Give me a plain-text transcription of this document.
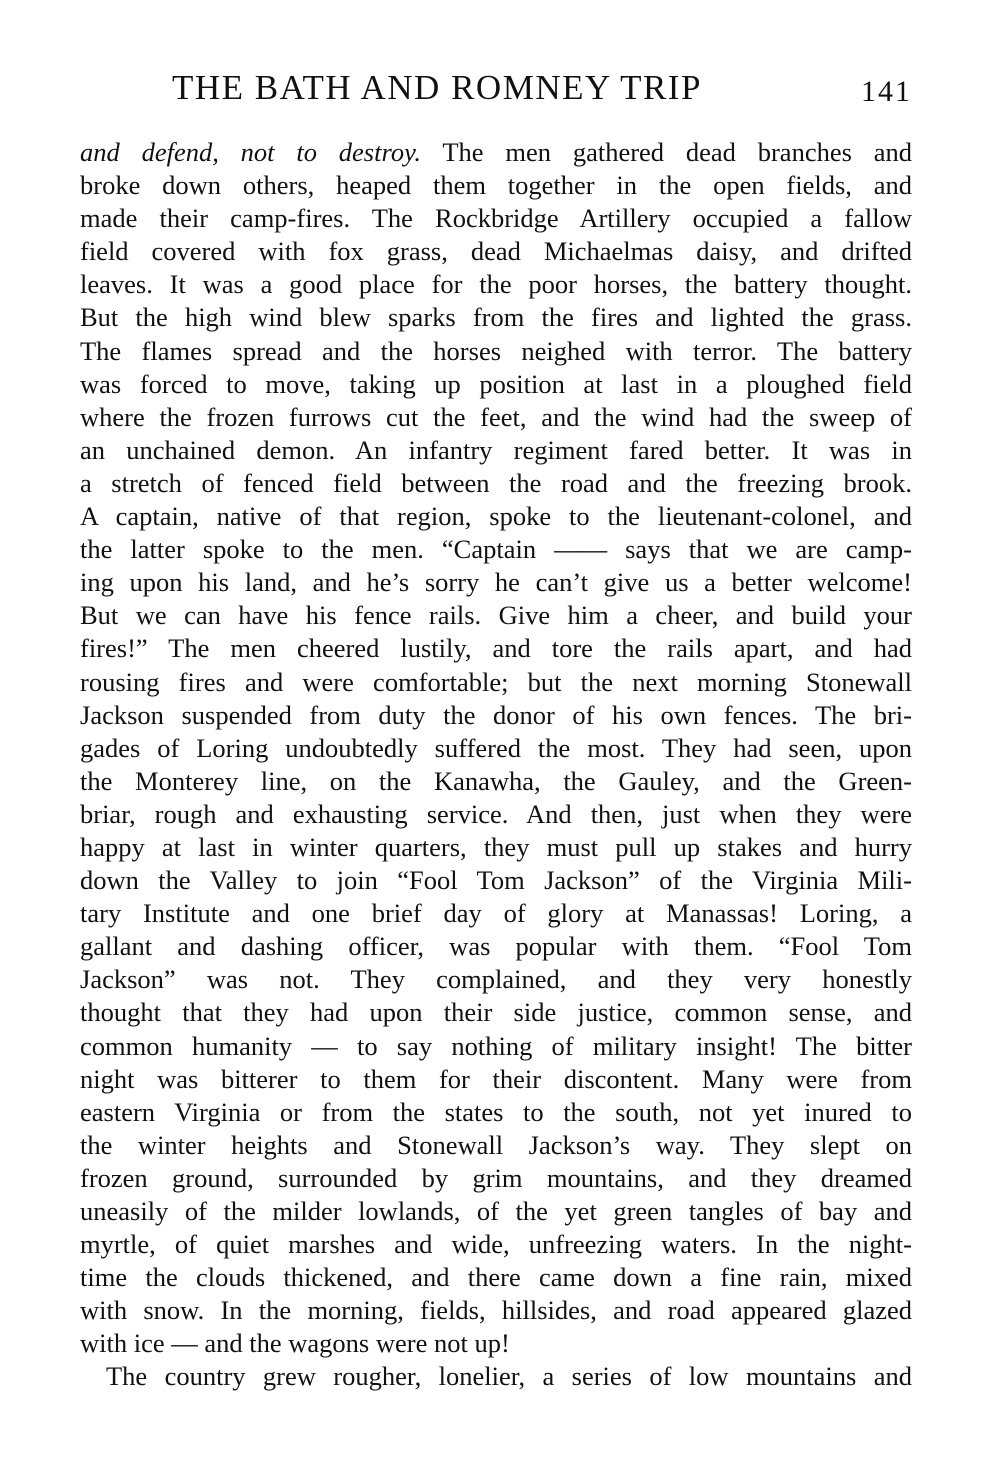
THE BATH AND ROMNEY TRIP	141
and defend, not to destroy. The men gathered dead branches and
broke down others, heaped them together in the open fields, and
made their camp-fires. The Rockbridge Artillery occupied a fallow
field covered with fox grass, dead Michaelmas daisy, and drifted
leaves. It was a good place for the poor horses, the battery thought.
But the high wind blew sparks from the fires and lighted the grass.
The flames spread and the horses neighed with terror. The battery
was forced to move, taking up position at last in a ploughed field
where the frozen furrows cut the feet, and the wind had the sweep of
an unchained demon. An infantry regiment fared better. It was in
a stretch of fenced field between the road and the freezing brook.
A captain, native of that region, spoke to the lieutenant-colonel, and
the latter spoke to the men. “Captain —— says that we are camp-
ing upon his land, and he’s sorry he can’t give us a better welcome!
But we can have his fence rails. Give him a cheer, and build your
fires!” The men cheered lustily, and tore the rails apart, and had
rousing fires and were comfortable; but the next morning Stonewall
Jackson suspended from duty the donor of his own fences. The bri-
gades of Loring undoubtedly suffered the most. They had seen, upon
the Monterey line, on the Kanawha, the Gauley, and the Green-
briar, rough and exhausting service. And then, just when they were
happy at last in winter quarters, they must pull up stakes and hurry
down the Valley to join “Fool Tom Jackson” of the Virginia Mili-
tary Institute and one brief day of glory at Manassas! Loring, a
gallant and dashing officer, was popular with them. “Fool Tom
Jackson” was not. They complained, and they very honestly
thought that they had upon their side justice, common sense, and
common humanity — to say nothing of military insight! The bitter
night was bitterer to them for their discontent. Many were from
eastern Virginia or from the states to the south, not yet inured to
the winter heights and Stonewall Jackson’s way. They slept on
frozen ground, surrounded by grim mountains, and they dreamed
uneasily of the milder lowlands, of the yet green tangles of bay and
myrtle, of quiet marshes and wide, unfreezing waters. In the night-
time the clouds thickened, and there came down a fine rain, mixed
with snow. In the morning, fields, hillsides, and road appeared glazed
with ice — and the wagons were not up!
The country grew rougher, lonelier, a series of low mountains and
